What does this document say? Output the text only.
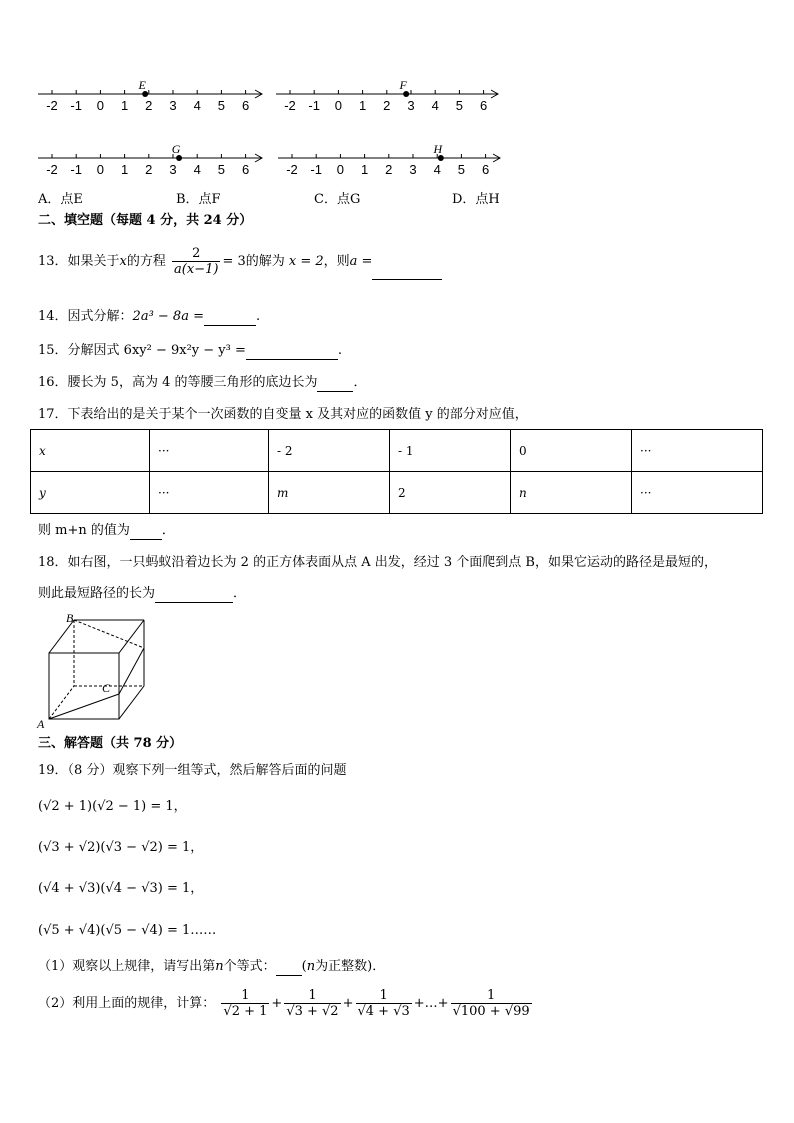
-2 -1 0 1 2 3 4 5 6
E
-2 -1 0 1 2 3 4 5 6
F
-2 -1 0 1 2 3 4 5 6
G
-2 -1 0 1 2 3 4 5 6
H
A．点E	B．点F	C．点G	D．点H
二、填空题（每题 4 分，共 24 分）
13．如果关于x的方程 $\frac{2}{a(x-1)} = 3$的解为 x = 2，则a =
14．因式分解：2a³ − 8a =	.
15．分解因式 6xy² − 9x²y − y³ =	.
16．腰长为 5，高为 4 的等腰三角形的底边长为	．
17．下表给出的是关于某个一次函数的自变量 x 及其对应的函数值 y 的部分对应值，
x	···	- 2	- 1	0	···
y	···	m	2	n	···
则 m+n 的值为 ．
18．如右图，一只蚂蚁沿着边长为 2 的正方体表面从点 A 出发，经过 3 个面爬到点 B，如果它运动的路径是最短的，
则此最短路径的长为	．
B
C
A
三、解答题（共 78 分）
19．（8 分）观察下列一组等式，然后解答后面的问题
(√2 + 1)(√2 − 1) = 1，
(√3 + √2)(√3 − √2) = 1，
(√4 + √3)(√4 − √3) = 1，
(√5 + √4)(√5 − √4) = 1……
（1）观察以上规律，请写出第n个等式： (n为正整数)．
（2）利用上面的规律，计算： $\frac{1}{√2 + 1} + \frac{1}{√3 + √2} + \frac{1}{√4 + √3}$ +…+ $\frac{1}{√100 + √99}$
